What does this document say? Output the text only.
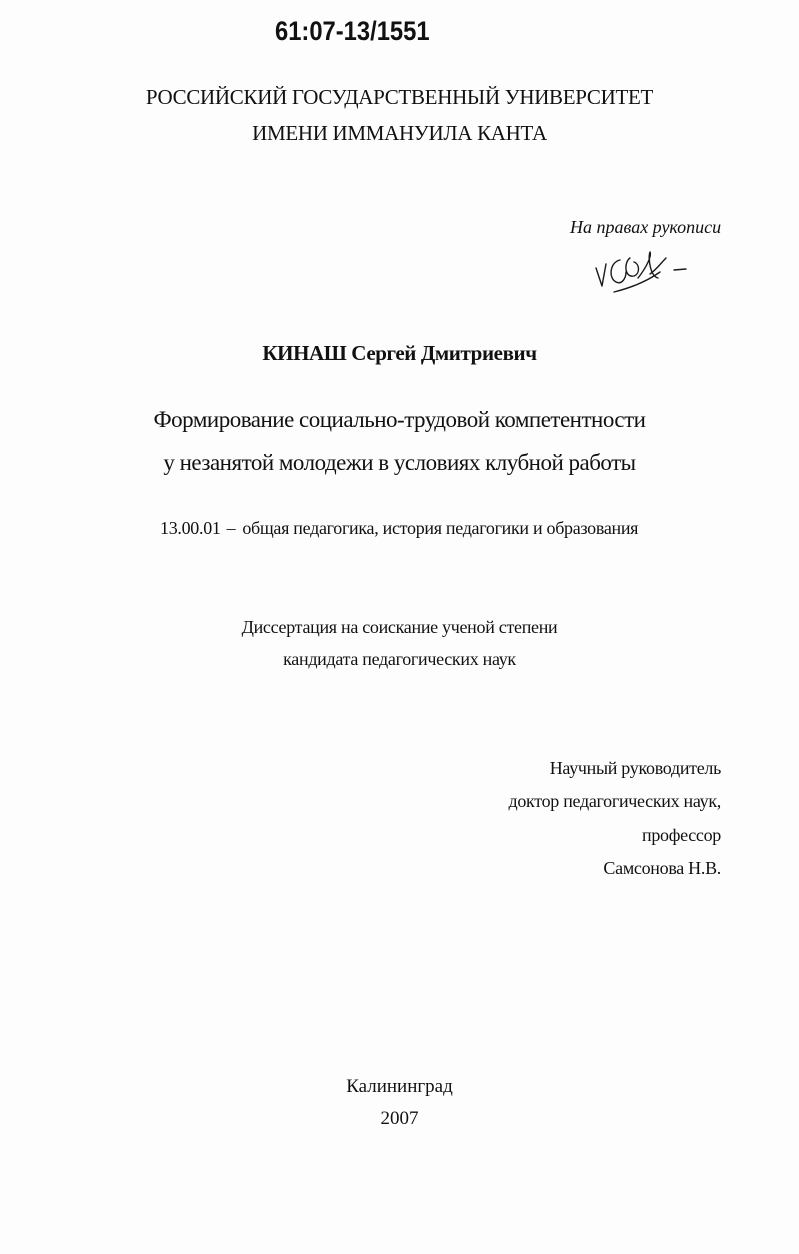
61:07-13/1551
РОССИЙСКИЙ ГОСУДАРСТВЕННЫЙ УНИВЕРСИТЕТ
ИМЕНИ ИММАНУИЛА КАНТА
На правах рукописи
КИНАШ Сергей Дмитриевич
Формирование социально-трудовой компетентности
у незанятой молодежи в условиях клубной работы
13.00.01 – общая педагогика, история педагогики и образования
Диссертация на соискание ученой степени
кандидата педагогических наук
Научный руководитель
доктор педагогических наук,
профессор
Самсонова Н.В.
Калининград
2007
